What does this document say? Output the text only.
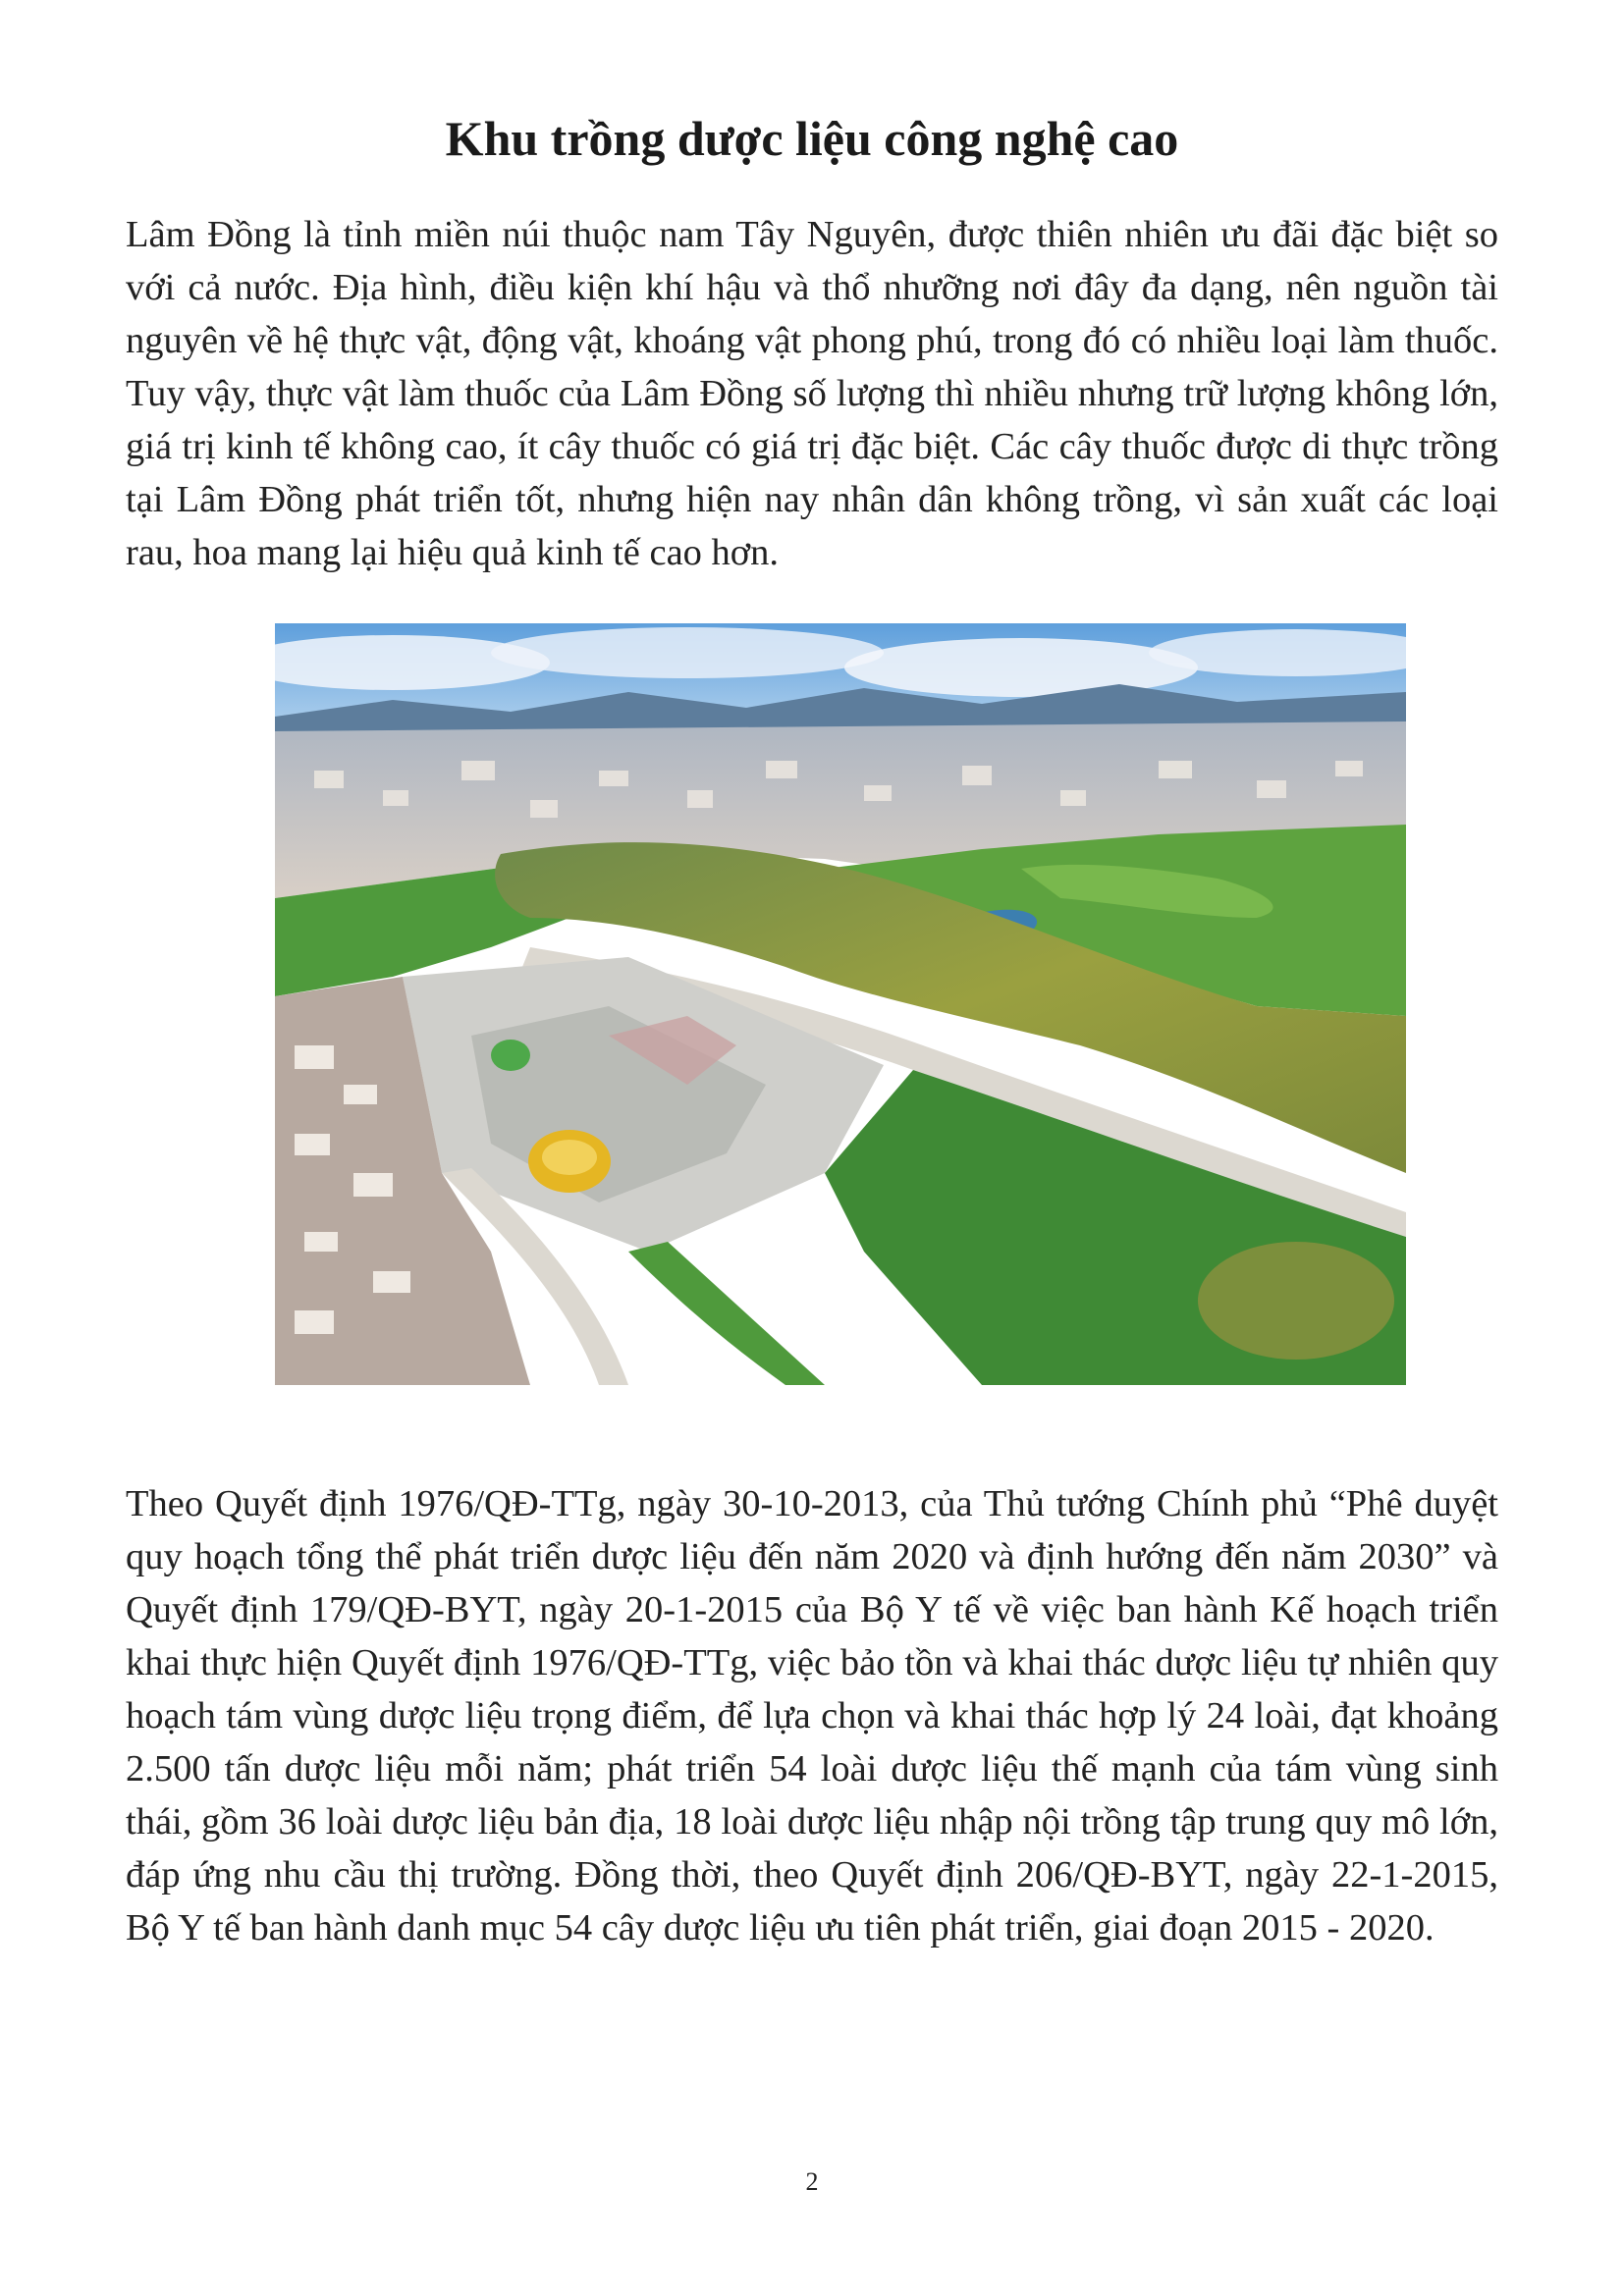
Khu trồng dược liệu công nghệ cao

Lâm Đồng là tỉnh miền núi thuộc nam Tây Nguyên, được thiên nhiên ưu đãi đặc biệt so với cả nước. Địa hình, điều kiện khí hậu và thổ nhưỡng nơi đây đa dạng, nên nguồn tài nguyên về hệ thực vật, động vật, khoáng vật phong phú, trong đó có nhiều loại làm thuốc. Tuy vậy, thực vật làm thuốc của Lâm Đồng số lượng thì nhiều nhưng trữ lượng không lớn, giá trị kinh tế không cao, ít cây thuốc có giá trị đặc biệt. Các cây thuốc được di thực trồng tại Lâm Đồng phát triển tốt, nhưng hiện nay nhân dân không trồng, vì sản xuất các loại rau, hoa mang lại hiệu quả kinh tế cao hơn.

Theo Quyết định 1976/QĐ-TTg, ngày 30-10-2013, của Thủ tướng Chính phủ “Phê duyệt quy hoạch tổng thể phát triển dược liệu đến năm 2020 và định hướng đến năm 2030” và Quyết định 179/QĐ-BYT, ngày 20-1-2015 của Bộ Y tế về việc ban hành Kế hoạch triển khai thực hiện Quyết định 1976/QĐ-TTg, việc bảo tồn và khai thác dược liệu tự nhiên quy hoạch tám vùng dược liệu trọng điểm, để lựa chọn và khai thác hợp lý 24 loài, đạt khoảng 2.500 tấn dược liệu mỗi năm; phát triển 54 loài dược liệu thế mạnh của tám vùng sinh thái, gồm 36 loài dược liệu bản địa, 18 loài dược liệu nhập nội trồng tập trung quy mô lớn, đáp ứng nhu cầu thị trường. Đồng thời, theo Quyết định 206/QĐ-BYT, ngày 22-1-2015, Bộ Y tế ban hành danh mục 54 cây dược liệu ưu tiên phát triển, giai đoạn 2015 - 2020.

2
